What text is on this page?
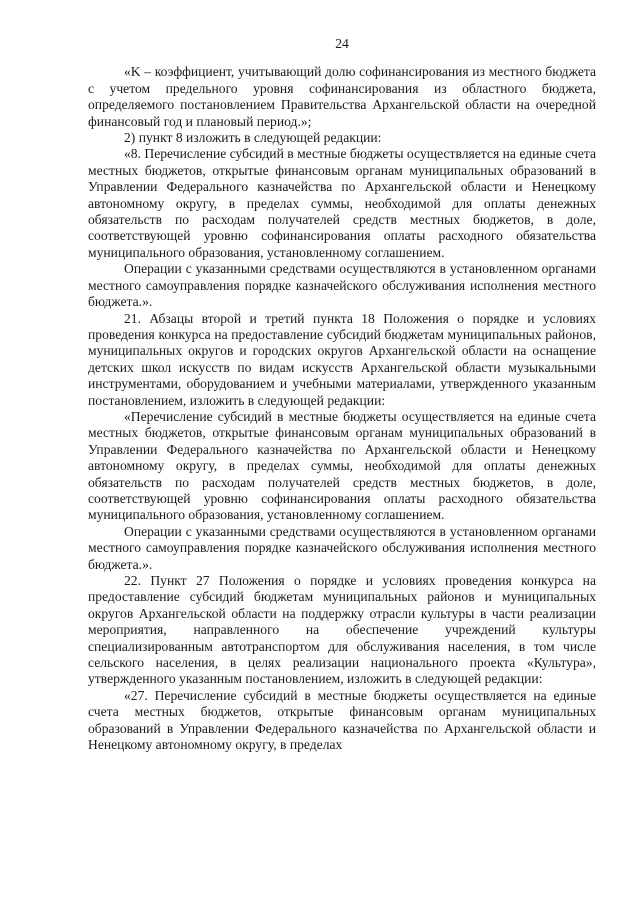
24

«K – коэффициент, учитывающий долю софинансирования из местного бюджета с учетом предельного уровня софинансирования из областного бюджета, определяемого постановлением Правительства Архангельской области на очередной финансовый год и плановый период.»;

2) пункт 8 изложить в следующей редакции:

«8. Перечисление субсидий в местные бюджеты осуществляется на единые счета местных бюджетов, открытые финансовым органам муниципальных образований в Управлении Федерального казначейства по Архангельской области и Ненецкому автономному округу, в пределах суммы, необходимой для оплаты денежных обязательств по расходам получателей средств местных бюджетов, в доле, соответствующей уровню софинансирования оплаты расходного обязательства муниципального образования, установленному соглашением.

Операции с указанными средствами осуществляются в установленном органами местного самоуправления порядке казначейского обслуживания исполнения местного бюджета.».

21. Абзацы второй и третий пункта 18 Положения о порядке и условиях проведения конкурса на предоставление субсидий бюджетам муниципальных районов, муниципальных округов и городских округов Архангельской области на оснащение детских школ искусств по видам искусств Архангельской области музыкальными инструментами, оборудованием и учебными материалами, утвержденного указанным постановлением, изложить в следующей редакции:

«Перечисление субсидий в местные бюджеты осуществляется на единые счета местных бюджетов, открытые финансовым органам муниципальных образований в Управлении Федерального казначейства по Архангельской области и Ненецкому автономному округу, в пределах суммы, необходимой для оплаты денежных обязательств по расходам получателей средств местных бюджетов, в доле, соответствующей уровню софинансирования оплаты расходного обязательства муниципального образования, установленному соглашением.

Операции с указанными средствами осуществляются в установленном органами местного самоуправления порядке казначейского обслуживания исполнения местного бюджета.».

22. Пункт 27 Положения о порядке и условиях проведения конкурса на предоставление субсидий бюджетам муниципальных районов и муниципальных округов Архангельской области на поддержку отрасли культуры в части реализации мероприятия, направленного на обеспечение учреждений культуры специализированным автотранспортом для обслуживания населения, в том числе сельского населения, в целях реализации национального проекта «Культура», утвержденного указанным постановлением, изложить в следующей редакции:

«27. Перечисление субсидий в местные бюджеты осуществляется на единые счета местных бюджетов, открытые финансовым органам муниципальных образований в Управлении Федерального казначейства по Архангельской области и Ненецкому автономному округу, в пределах
